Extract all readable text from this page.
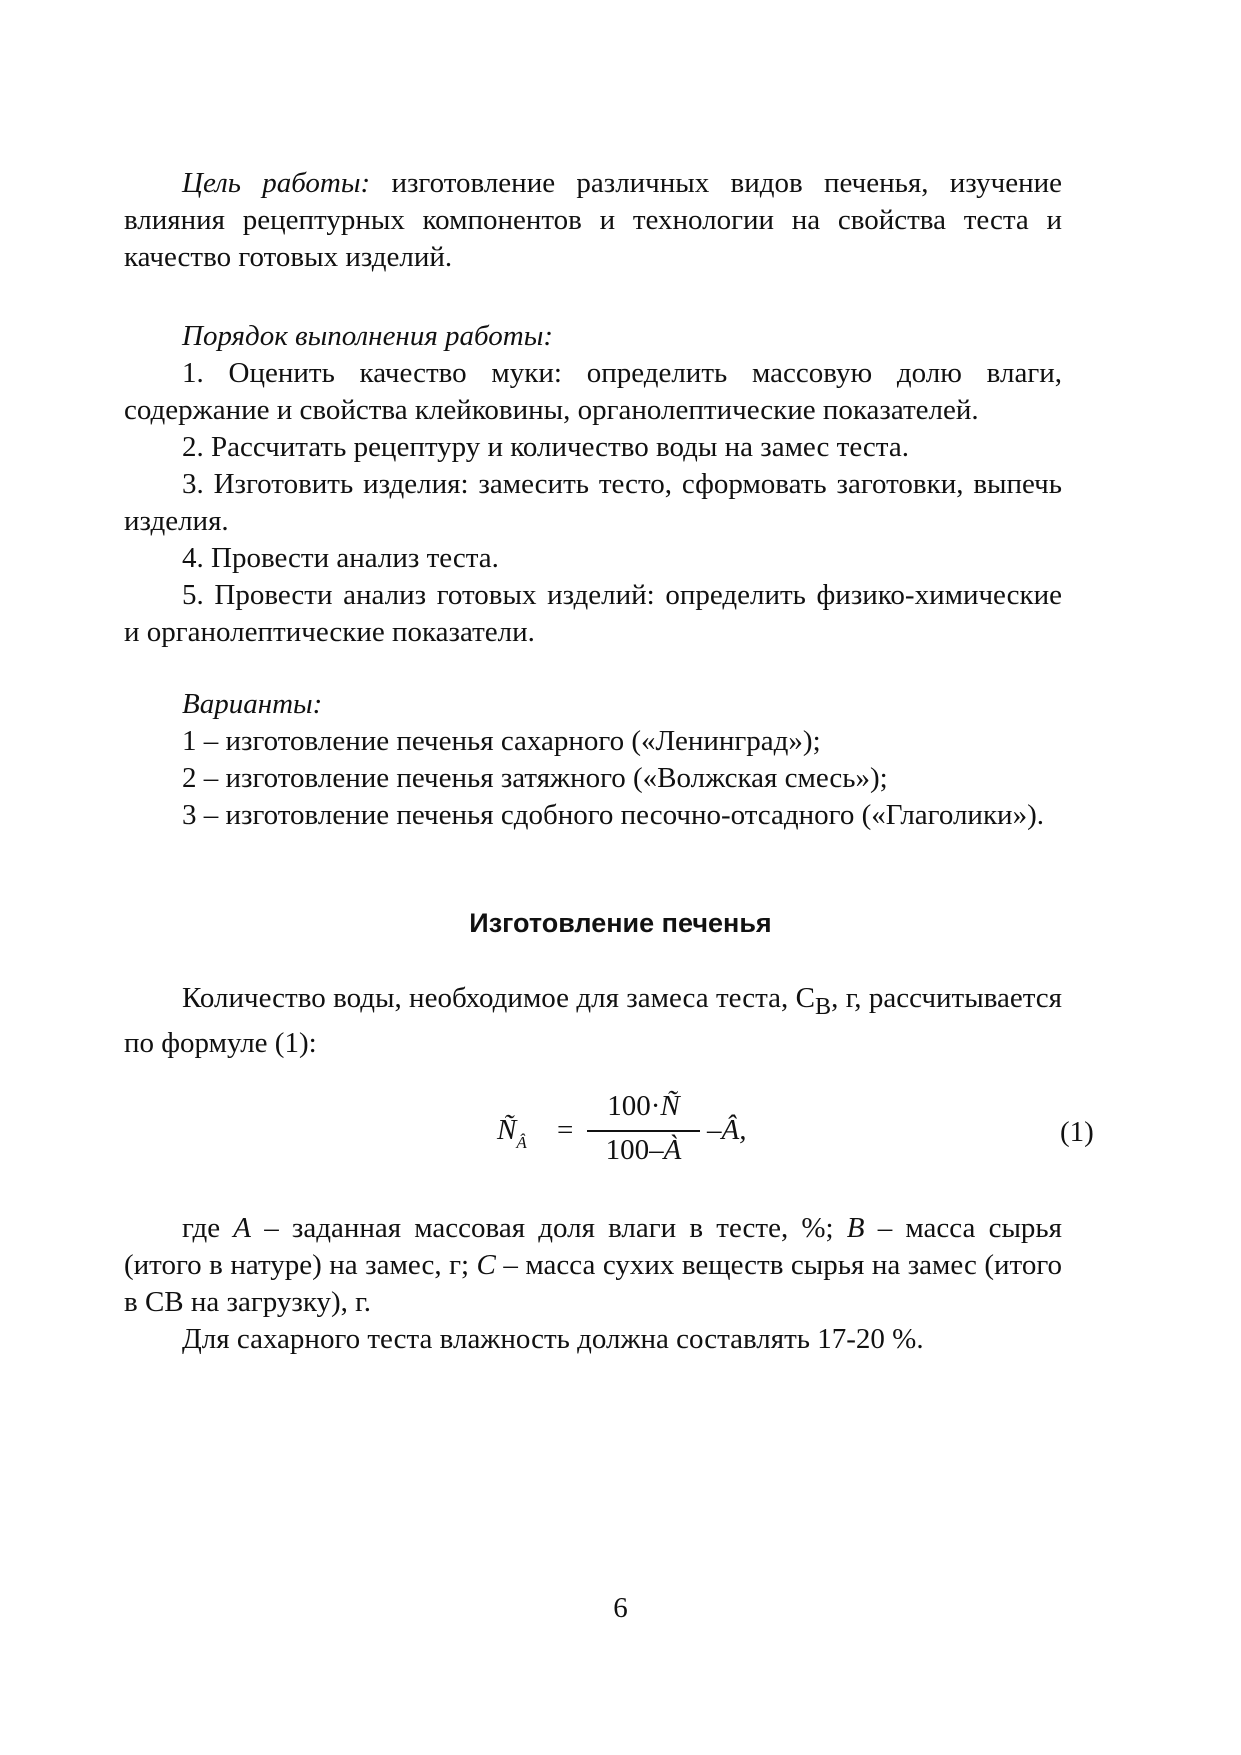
Цель работы: изготовление различных видов печенья, изучение влияния рецептурных компонентов и технологии на свойства теста и качество готовых изделий.

Порядок выполнения работы:

1. Оценить качество муки: определить массовую долю влаги, содержание и свойства клейковины, органолептические показателей.

2. Рассчитать рецептуру и количество воды на замес теста.

3. Изготовить изделия: замесить тесто, сформовать заготовки, выпечь изделия.

4. Провести анализ теста.

5. Провести анализ готовых изделий: определить физико-химические и органолептические показатели.

Варианты:

1 – изготовление печенья сахарного («Ленинград»);

2 – изготовление печенья затяжного («Волжская смесь»);

3 – изготовление печенья сдобного песочно-отсадного («Глаголики»).

Изготовление печенья

Количество воды, необходимое для замеса теста, $С_В$, г, рассчитывается по формуле (1):

$Ñ_Â$ =
100·Ñ
100–À
–Â,	(1)

где А – заданная массовая доля влаги в тесте, %; В – масса сырья (итого в натуре) на замес, г; С – масса сухих веществ сырья на замес (итого в СВ на загрузку), г.

Для сахарного теста влажность должна составлять 17-20 %.

6
